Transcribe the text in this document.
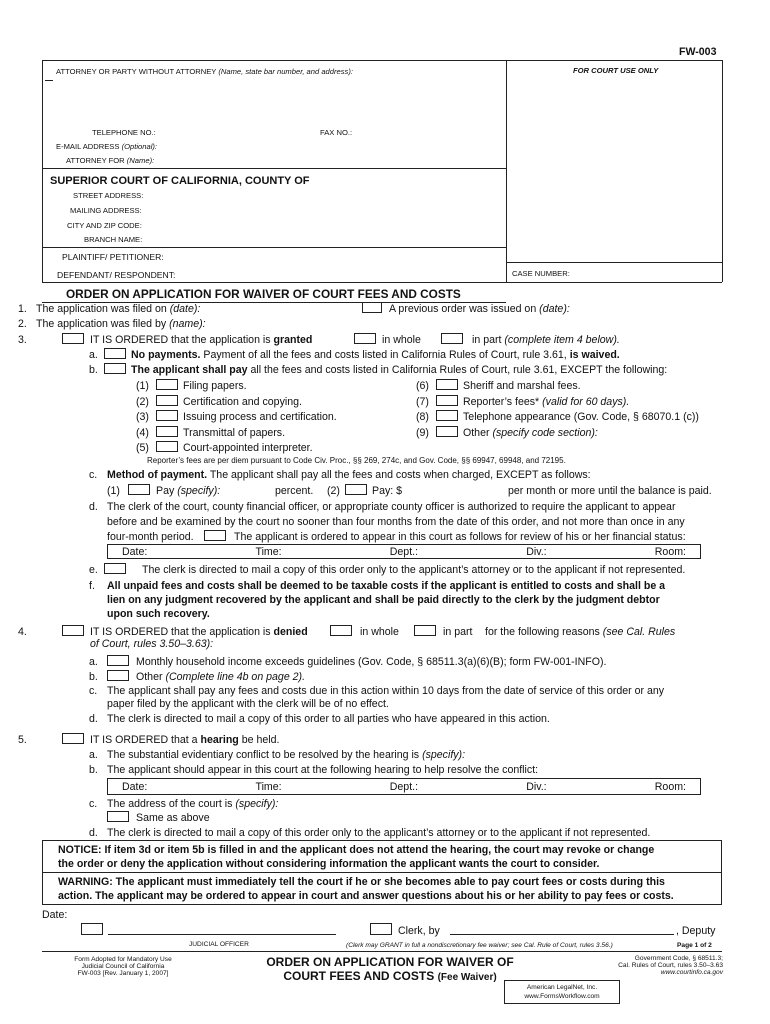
FW-003
ATTORNEY OR PARTY WITHOUT ATTORNEY (Name, state bar number, and address):	FOR COURT USE ONLY
TELEPHONE NO.:	FAX NO.:
E-MAIL ADDRESS (Optional):
ATTORNEY FOR (Name):
SUPERIOR COURT OF CALIFORNIA, COUNTY OF
STREET ADDRESS:
MAILING ADDRESS:
CITY AND ZIP CODE:
BRANCH NAME:
PLAINTIFF/ PETITIONER:
DEFENDANT/ RESPONDENT:	CASE NUMBER:
ORDER ON APPLICATION FOR WAIVER OF COURT FEES AND COSTS
1. The application was filed on (date):	A previous order was issued on (date):
2. The application was filed by (name):
3.	IT IS ORDERED that the application is granted	in whole	in part (complete item 4 below).
a.	No payments. Payment of all the fees and costs listed in California Rules of Court, rule 3.61, is waived.
b.	The applicant shall pay all the fees and costs listed in California Rules of Court, rule 3.61, EXCEPT the following:
(1)	Filing papers.
(2)	Certification and copying.
(3)	Issuing process and certification.
(4)	Transmittal of papers.
(5)	Court-appointed interpreter.
(6)	Sheriff and marshal fees.
(7)	Reporter’s fees* (valid for 60 days).
(8)	Telephone appearance (Gov. Code, § 68070.1 (c))
(9)	Other (specify code section):
Reporter’s fees are per diem pursuant to Code Civ. Proc., §§ 269, 274c, and Gov. Code, §§ 69947, 69948, and 72195.
c. Method of payment. The applicant shall pay all the fees and costs when charged, EXCEPT as follows:
(1)	Pay (specify):	percent. (2)	Pay: $	per month or more until the balance is paid.
d. The clerk of the court, county financial officer, or appropriate county officer is authorized to require the applicant to appear
before and be examined by the court no sooner than four months from the date of this order, and not more than once in any
four-month period.	The applicant is ordered to appear in this court as follows for review of his or her financial status:
Date:	Time:	Dept.:	Div.:	Room:
e.	The clerk is directed to mail a copy of this order only to the applicant’s attorney or to the applicant if not represented.
f. All unpaid fees and costs shall be deemed to be taxable costs if the applicant is entitled to costs and shall be a
lien on any judgment recovered by the applicant and shall be paid directly to the clerk by the judgment debtor
upon such recovery.
4.	IT IS ORDERED that the application is denied	in whole	in part for the following reasons (see Cal. Rules
of Court, rules 3.50–3.63):
a.	Monthly household income exceeds guidelines (Gov. Code, § 68511.3(a)(6)(B); form FW-001-INFO).
b.	Other (Complete line 4b on page 2).
c. The applicant shall pay any fees and costs due in this action within 10 days from the date of service of this order or any
paper filed by the applicant with the clerk will be of no effect.
d. The clerk is directed to mail a copy of this order to all parties who have appeared in this action.
5.	IT IS ORDERED that a hearing be held.
a. The substantial evidentiary conflict to be resolved by the hearing is (specify):
b. The applicant should appear in this court at the following hearing to help resolve the conflict:
Date:	Time:	Dept.:	Div.:	Room:
c. The address of the court is (specify):
Same as above
d. The clerk is directed to mail a copy of this order only to the applicant’s attorney or to the applicant if not represented.
NOTICE: If item 3d or item 5b is filled in and the applicant does not attend the hearing, the court may revoke or change
the order or deny the application without considering information the applicant wants the court to consider.
WARNING: The applicant must immediately tell the court if he or she becomes able to pay court fees or costs during this
action. The applicant may be ordered to appear in court and answer questions about his or her ability to pay fees or costs.
Date:
Clerk, by	, Deputy
JUDICIAL OFFICER	(Clerk may GRANT in full a nondiscretionary fee waiver; see Cal. Rule of Court, rules 3.56.)	Page 1 of 2
Form Adopted for Mandatory Use
Judicial Council of California
FW-003 [Rev. January 1, 2007]
ORDER ON APPLICATION FOR WAIVER OF
COURT FEES AND COSTS (Fee Waiver)
Government Code, § 68511.3;
Cal. Rules of Court, rules 3.50–3.63
www.courtinfo.ca.gov
American LegalNet, Inc.
www.FormsWorkflow.com
